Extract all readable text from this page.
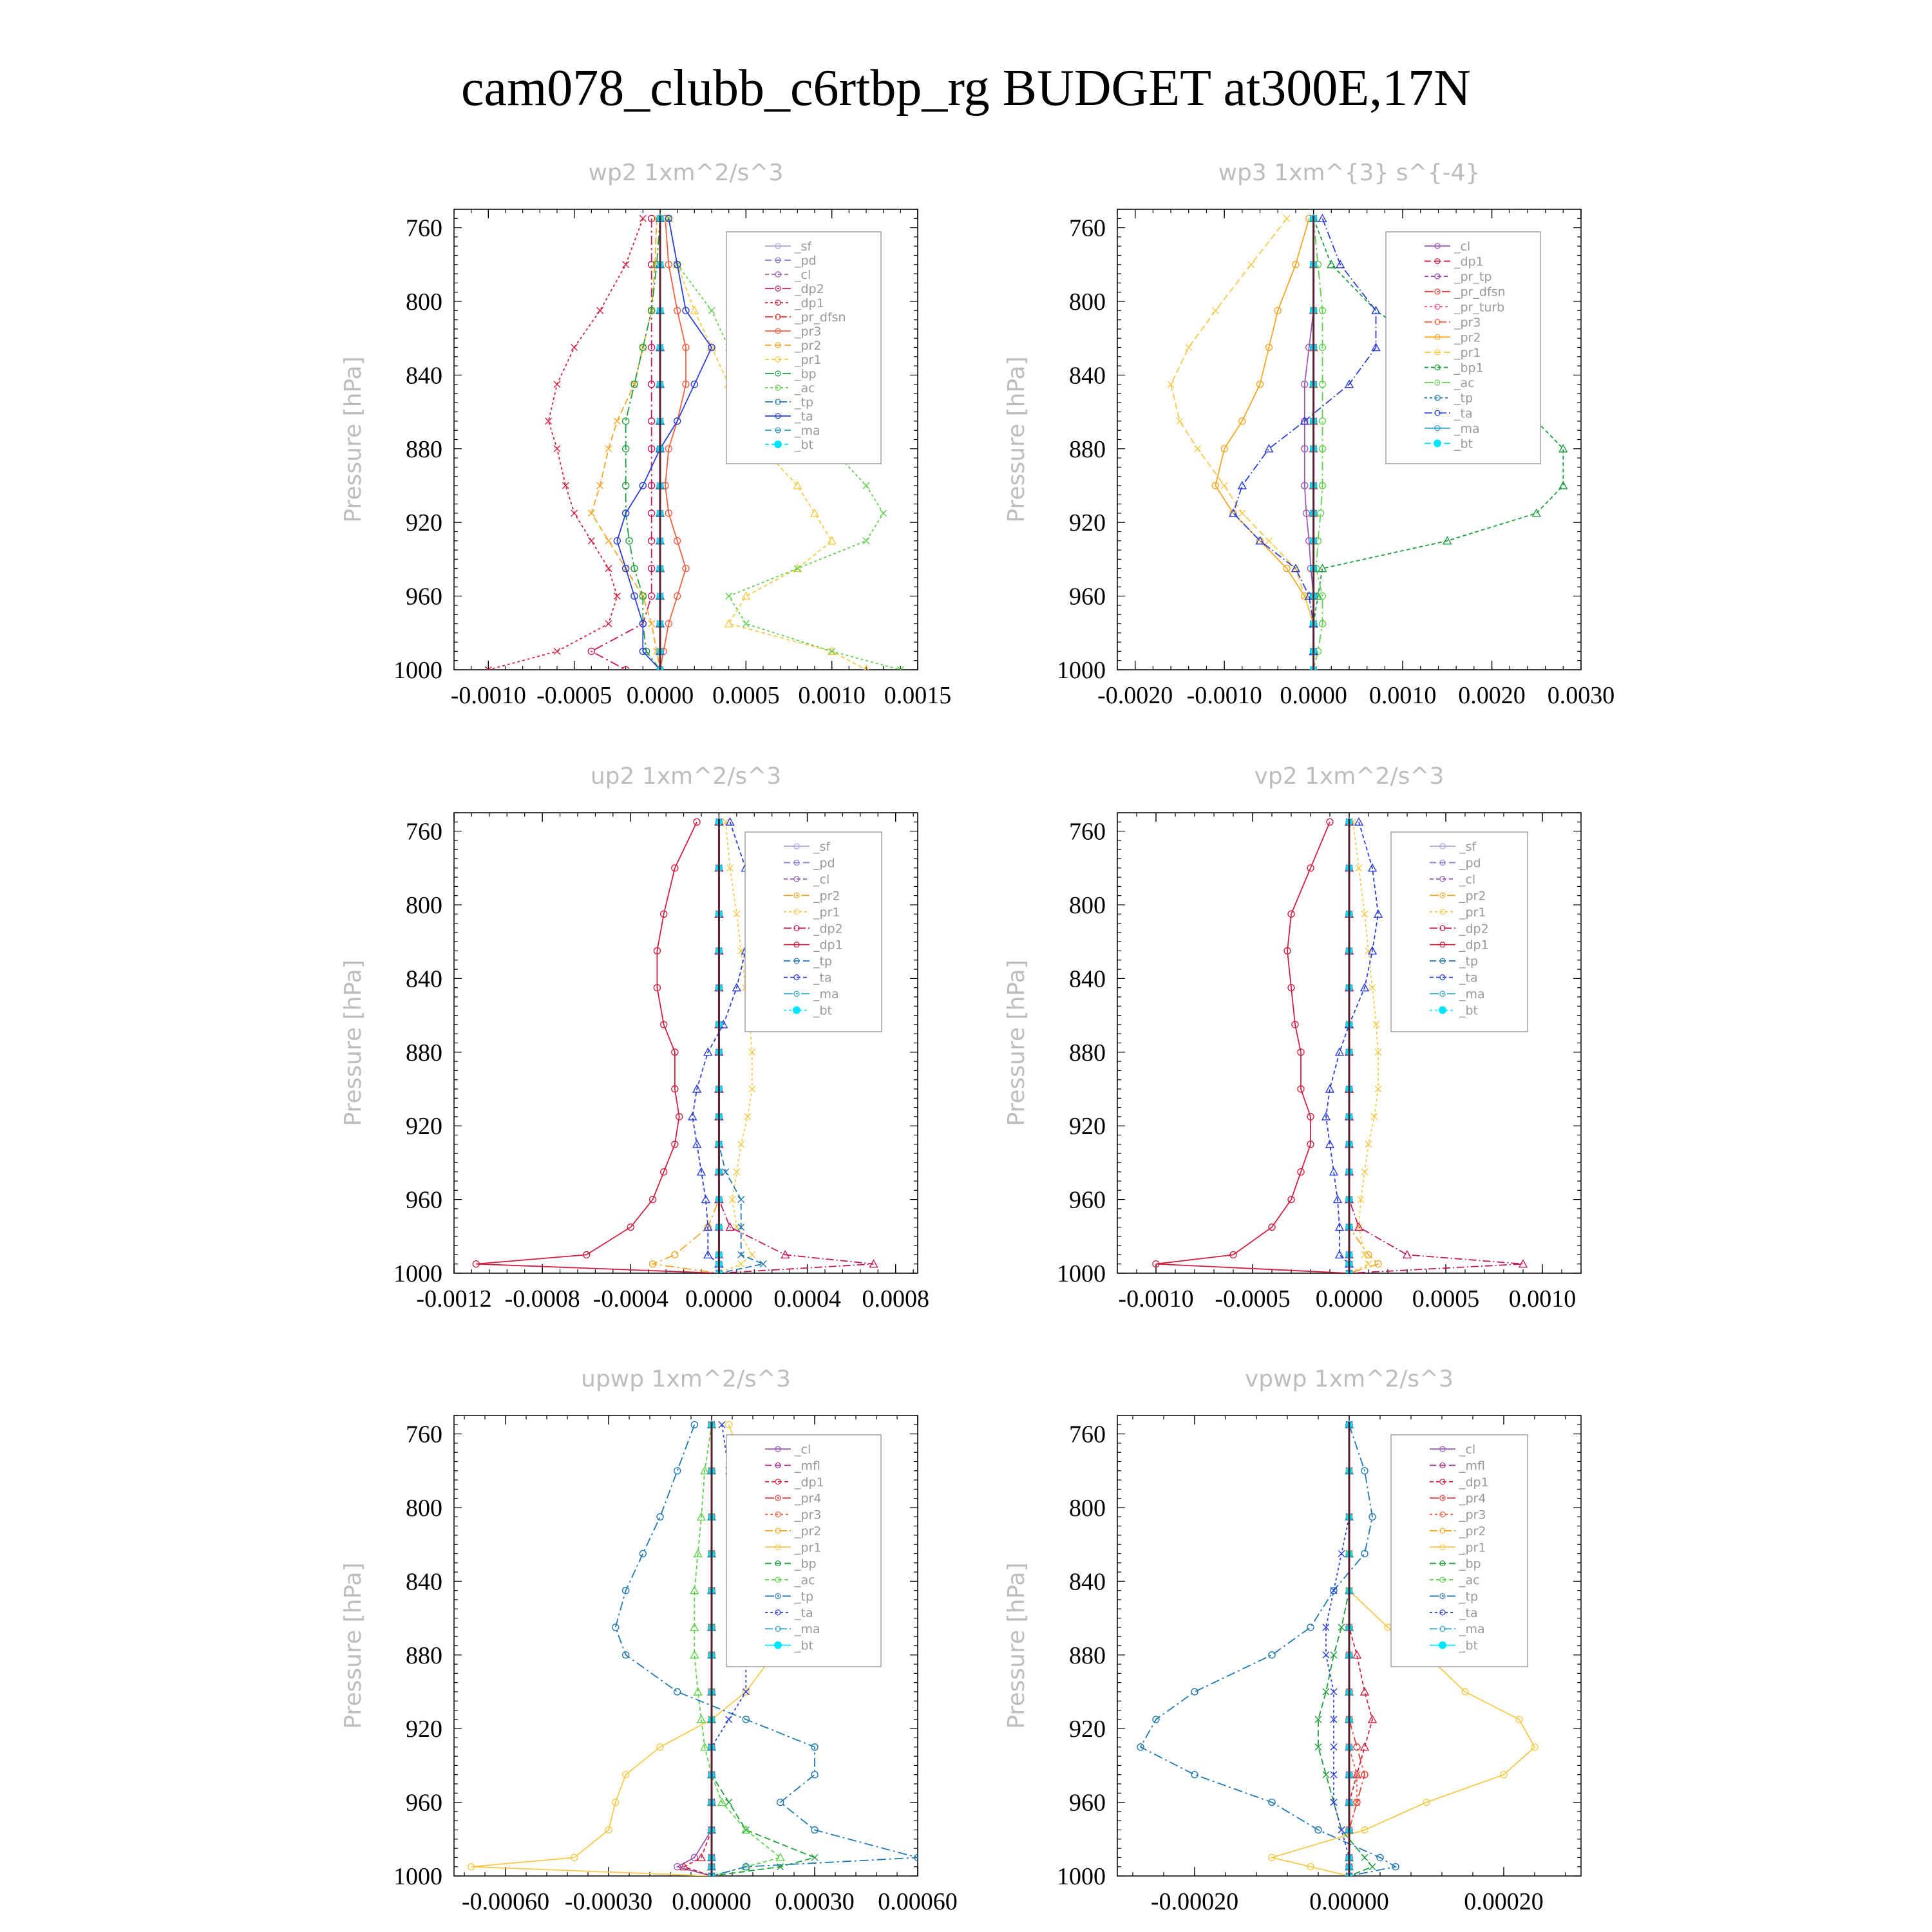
cam078_clubb_c6rtbp_rg BUDGET at300E,17N
wp2 1xm^2/s^3
Pressure [hPa]
760
800
840
880
920
960
1000
-0.0010 -0.0005 0.0000 0.0005 0.0010 0.0015
_sf
_pd
_cl
_dp2
_dp1
_pr_dfsn
_pr3
_pr2
_pr1
_bp
_ac
_tp
_ta
_ma
_bt
wp3 1xm^{3} s^{-4}
Pressure [hPa]
760
800
840
880
920
960
1000
-0.0020 -0.0010 0.0000 0.0010 0.0020 0.0030
_cl
_dp1
_pr_tp
_pr_dfsn
_pr_turb
_pr3
_pr2
_pr1
_bp1
_ac
_tp
_ta
_ma
_bt
up2 1xm^2/s^3
Pressure [hPa]
760
800
840
880
920
960
1000
-0.0012 -0.0008 -0.0004 0.0000 0.0004 0.0008
_sf
_pd
_cl
_pr2
_pr1
_dp2
_dp1
_tp
_ta
_ma
_bt
vp2 1xm^2/s^3
Pressure [hPa]
760
800
840
880
920
960
1000
-0.0010 -0.0005 0.0000 0.0005 0.0010
_sf
_pd
_cl
_pr2
_pr1
_dp2
_dp1
_tp
_ta
_ma
_bt
upwp 1xm^2/s^3
Pressure [hPa]
760
800
840
880
920
960
1000
-0.00060 -0.00030 0.00000 0.00030 0.00060
_cl
_mfl
_dp1
_pr4
_pr3
_pr2
_pr1
_bp
_ac
_tp
_ta
_ma
_bt
vpwp 1xm^2/s^3
Pressure [hPa]
760
800
840
880
920
960
1000
-0.00020	0.00000	0.00020
_cl
_mfl
_dp1
_pr4
_pr3
_pr2
_pr1
_bp
_ac
_tp
_ta
_ma
_bt
